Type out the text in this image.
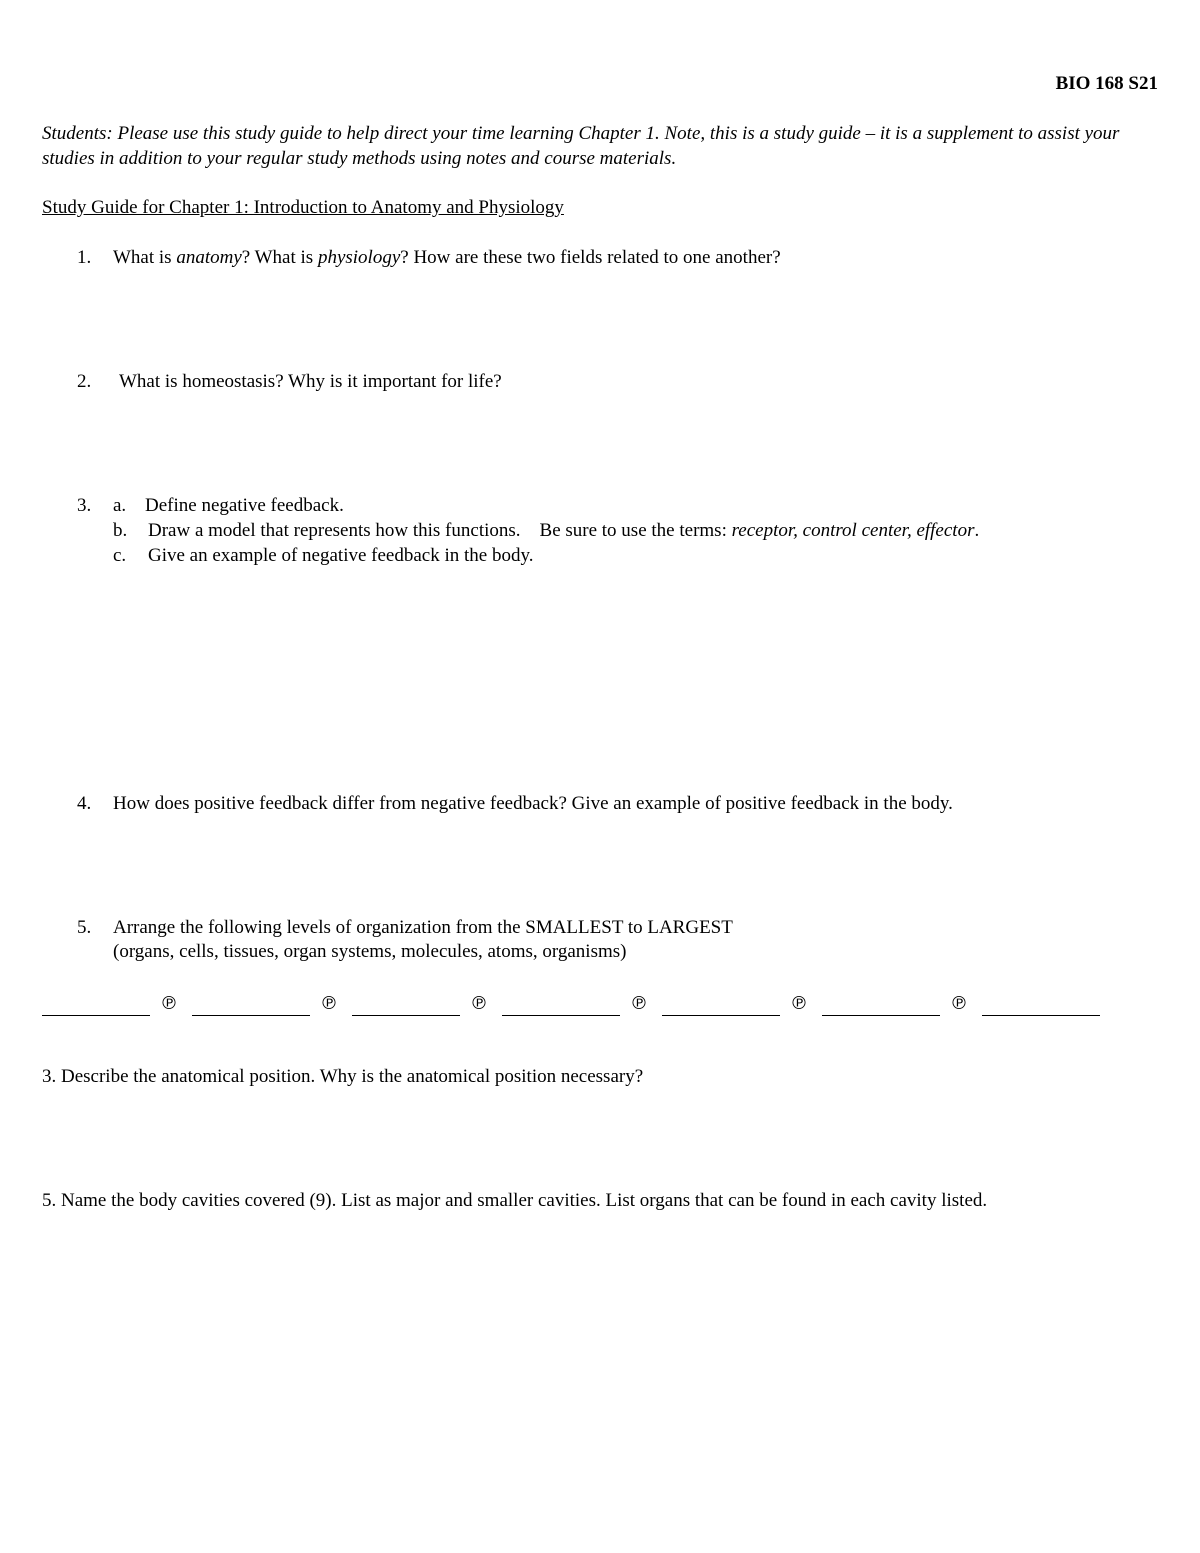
BIO 168 S21
Students: Please use this study guide to help direct your time learning Chapter 1. Note, this is a study guide – it is a supplement to assist your studies in addition to your regular study methods using notes and course materials.
Study Guide for Chapter 1: Introduction to Anatomy and Physiology
1. What is anatomy? What is physiology? How are these two fields related to one another?
2. What is homeostasis? Why is it important for life?
3. a. Define negative feedback.
b. Draw a model that represents how this functions.    Be sure to use the terms: receptor, control center, effector.
c. Give an example of negative feedback in the body.
4. How does positive feedback differ from negative feedback? Give an example of positive feedback in the body.
5. Arrange the following levels of organization from the SMALLEST to LARGEST
(organs, cells, tissues, organ systems, molecules, atoms, organisms)
℗	℗	℗	℗	℗	℗
3. Describe the anatomical position. Why is the anatomical position necessary?
5. Name the body cavities covered (9). List as major and smaller cavities. List organs that can be found in each cavity listed.
